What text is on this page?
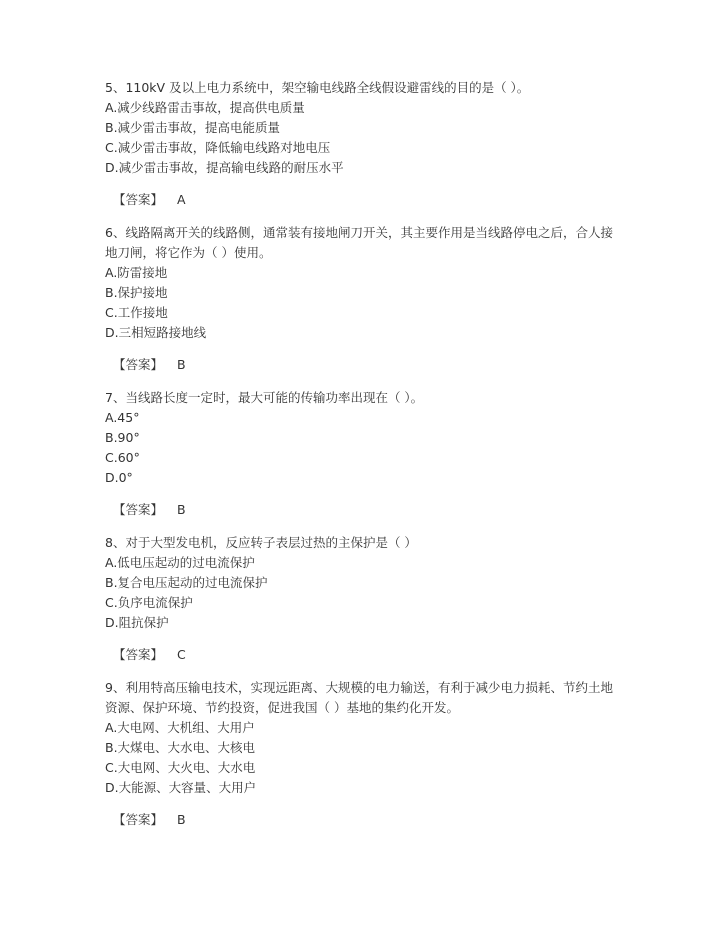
5、110kV 及以上电力系统中，架空输电线路全线假设避雷线的目的是（ ）。
A.减少线路雷击事故，提高供电质量
B.减少雷击事故，提高电能质量
C.减少雷击事故，降低输电线路对地电压
D.减少雷击事故，提高输电线路的耐压水平
【答案】 A
6、线路隔离开关的线路侧，通常装有接地闸刀开关，其主要作用是当线路停电之后，合人接地刀闸，将它作为（ ）使用。
A.防雷接地
B.保护接地
C.工作接地
D.三相短路接地线
【答案】 B
7、当线路长度一定时，最大可能的传输功率出现在（ ）。
A.45°
B.90°
C.60°
D.0°
【答案】 B
8、对于大型发电机，反应转子表层过热的主保护是（ ）
A.低电压起动的过电流保护
B.复合电压起动的过电流保护
C.负序电流保护
D.阻抗保护
【答案】 C
9、利用特高压输电技术，实现远距离、大规模的电力输送，有利于减少电力损耗、节约土地资源、保护环境、节约投资，促进我国（ ）基地的集约化开发。
A.大电网、大机组、大用户
B.大煤电、大水电、大核电
C.大电网、大火电、大水电
D.大能源、大容量、大用户
【答案】 B
